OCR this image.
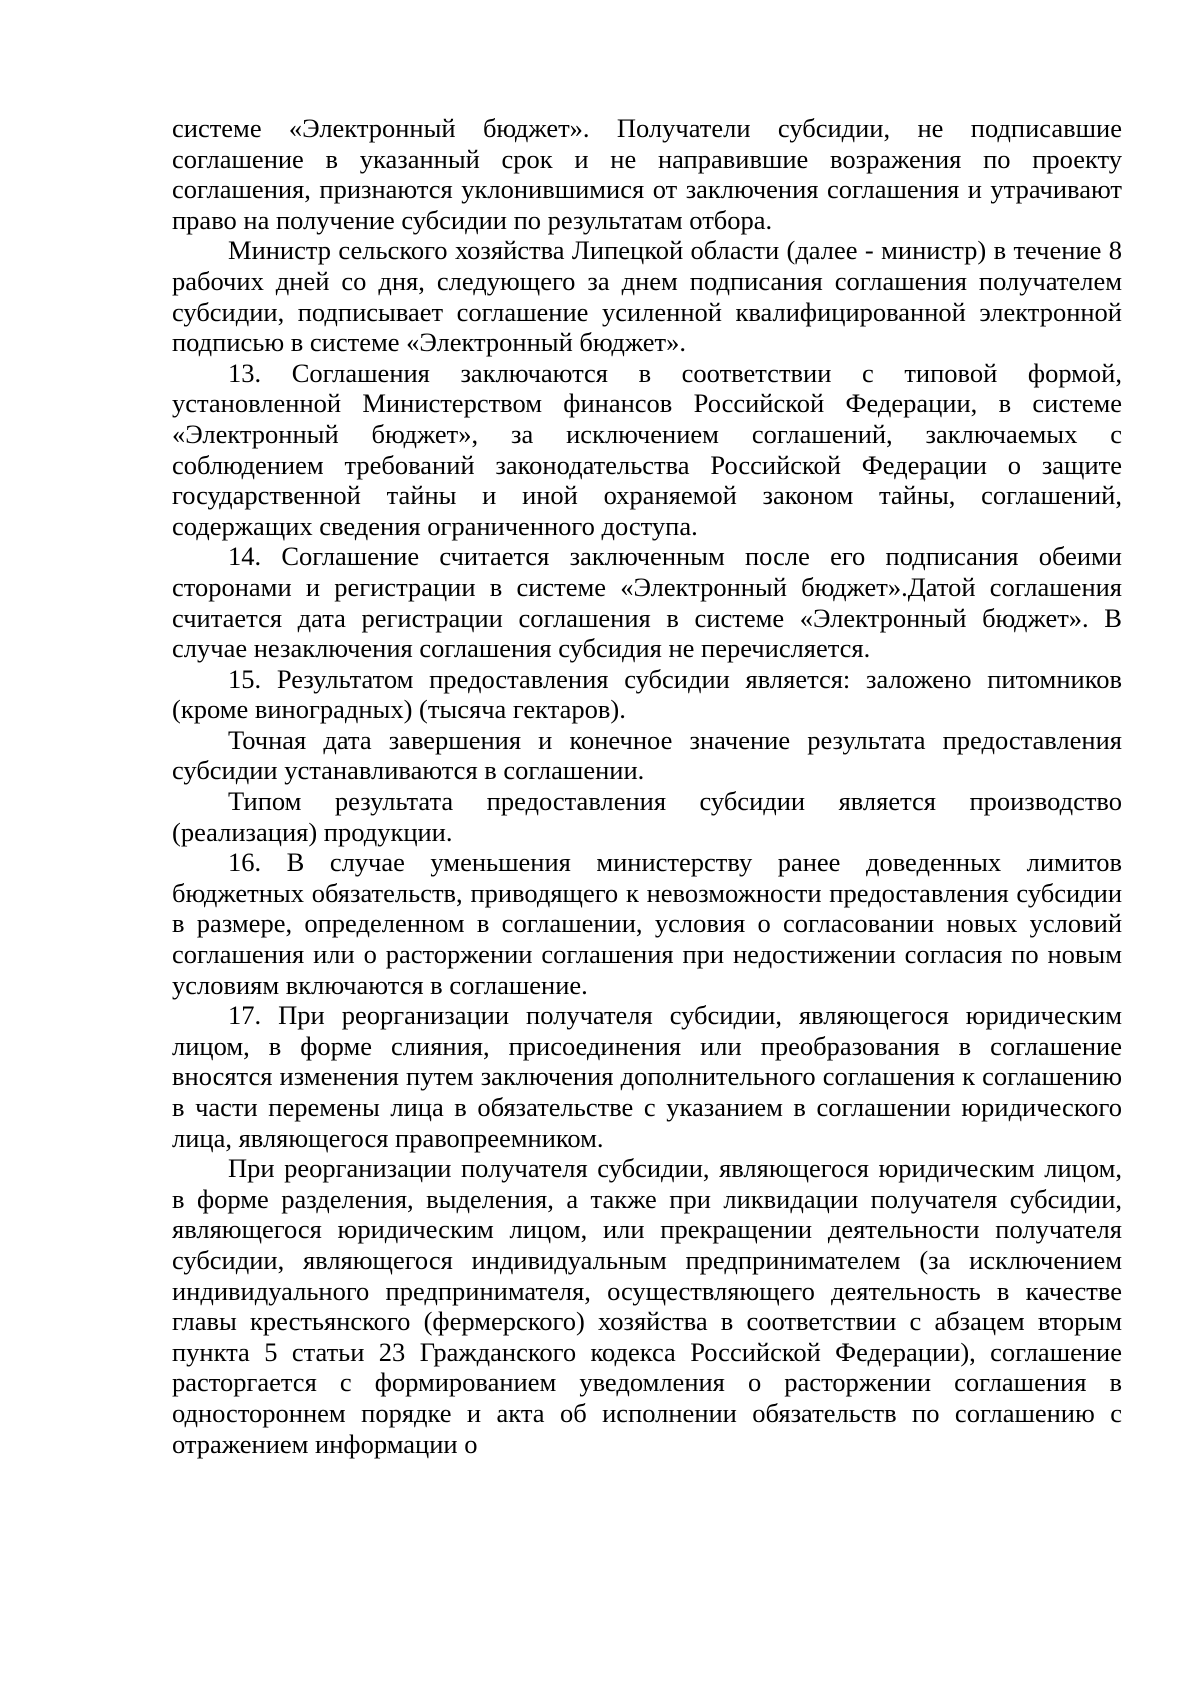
системе «Электронный бюджет». Получатели субсидии, не подписавшие соглашение в указанный срок и не направившие возражения по проекту соглашения, признаются уклонившимися от заключения соглашения и утрачивают право на получение субсидии по результатам отбора.

Министр сельского хозяйства Липецкой области (далее - министр) в течение 8 рабочих дней со дня, следующего за днем подписания соглашения получателем субсидии, подписывает соглашение усиленной квалифицированной электронной подписью в системе «Электронный бюджет».

13. Соглашения заключаются в соответствии с типовой формой, установленной Министерством финансов Российской Федерации, в системе «Электронный бюджет», за исключением соглашений, заключаемых с соблюдением требований законодательства Российской Федерации о защите государственной тайны и иной охраняемой законом тайны, соглашений, содержащих сведения ограниченного доступа.

14. Соглашение считается заключенным после его подписания обеими сторонами и регистрации в системе «Электронный бюджет».Датой соглашения считается дата регистрации соглашения в системе «Электронный бюджет». В случае незаключения соглашения субсидия не перечисляется.

15. Результатом предоставления субсидии является: заложено питомников (кроме виноградных) (тысяча гектаров).

Точная дата завершения и конечное значение результата предоставления субсидии устанавливаются в соглашении.

Типом результата предоставления субсидии является производство (реализация) продукции.

16. В случае уменьшения министерству ранее доведенных лимитов бюджетных обязательств, приводящего к невозможности предоставления субсидии в размере, определенном в соглашении, условия о согласовании новых условий соглашения или о расторжении соглашения при недостижении согласия по новым условиям включаются в соглашение.

17. При реорганизации получателя субсидии, являющегося юридическим лицом, в форме слияния, присоединения или преобразования в соглашение вносятся изменения путем заключения дополнительного соглашения к соглашению в части перемены лица в обязательстве с указанием в соглашении юридического лица, являющегося правопреемником.

При реорганизации получателя субсидии, являющегося юридическим лицом, в форме разделения, выделения, а также при ликвидации получателя субсидии, являющегося юридическим лицом, или прекращении деятельности получателя субсидии, являющегося индивидуальным предпринимателем (за исключением индивидуального предпринимателя, осуществляющего деятельность в качестве главы крестьянского (фермерского) хозяйства в соответствии с абзацем вторым пункта 5 статьи 23 Гражданского кодекса Российской Федерации), соглашение расторгается с формированием уведомления о расторжении соглашения в одностороннем порядке и акта об исполнении обязательств по соглашению с отражением информации о
